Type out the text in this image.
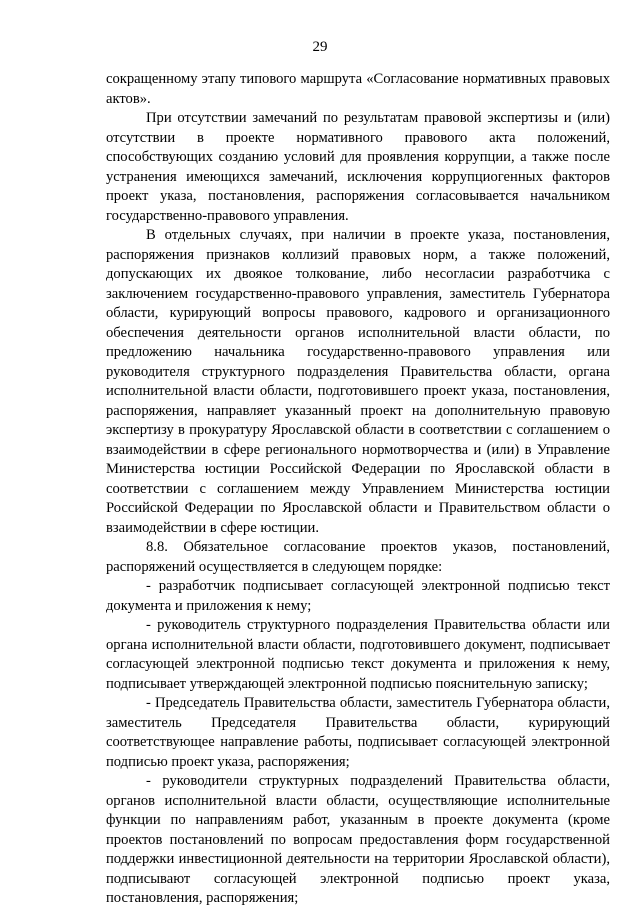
29

сокращенному этапу типового маршрута «Согласование нормативных правовых актов».

При отсутствии замечаний по результатам правовой экспертизы и (или) отсутствии в проекте нормативного правового акта положений, способствующих созданию условий для проявления коррупции, а также после устранения имеющихся замечаний, исключения коррупциогенных факторов проект указа, постановления, распоряжения согласовывается начальником государственно-правового управления.

В отдельных случаях, при наличии в проекте указа, постановления, распоряжения признаков коллизий правовых норм, а также положений, допускающих их двоякое толкование, либо несогласии разработчика с заключением государственно-правового управления, заместитель Губернатора области, курирующий вопросы правового, кадрового и организационного обеспечения деятельности органов исполнительной власти области, по предложению начальника государственно-правового управления или руководителя структурного подразделения Правительства области, органа исполнительной власти области, подготовившего проект указа, постановления, распоряжения, направляет указанный проект на дополнительную правовую экспертизу в прокуратуру Ярославской области в соответствии с соглашением о взаимодействии в сфере регионального нормотворчества и (или) в Управление Министерства юстиции Российской Федерации по Ярославской области в соответствии с соглашением между Управлением Министерства юстиции Российской Федерации по Ярославской области и Правительством области о взаимодействии в сфере юстиции.

8.8. Обязательное согласование проектов указов, постановлений, распоряжений осуществляется в следующем порядке:

- разработчик подписывает согласующей электронной подписью текст документа и приложения к нему;

- руководитель структурного подразделения Правительства области или органа исполнительной власти области, подготовившего документ, подписывает согласующей электронной подписью текст документа и приложения к нему, подписывает утверждающей электронной подписью пояснительную записку;

- Председатель Правительства области, заместитель Губернатора области, заместитель Председателя Правительства области, курирующий соответствующее направление работы, подписывает согласующей электронной подписью проект указа, распоряжения;

- руководители структурных подразделений Правительства области, органов исполнительной власти области, осуществляющие исполнительные функции по направлениям работ, указанным в проекте документа (кроме проектов постановлений по вопросам предоставления форм государственной поддержки инвестиционной деятельности на территории Ярославской области), подписывают согласующей электронной подписью проект указа, постановления, распоряжения;
